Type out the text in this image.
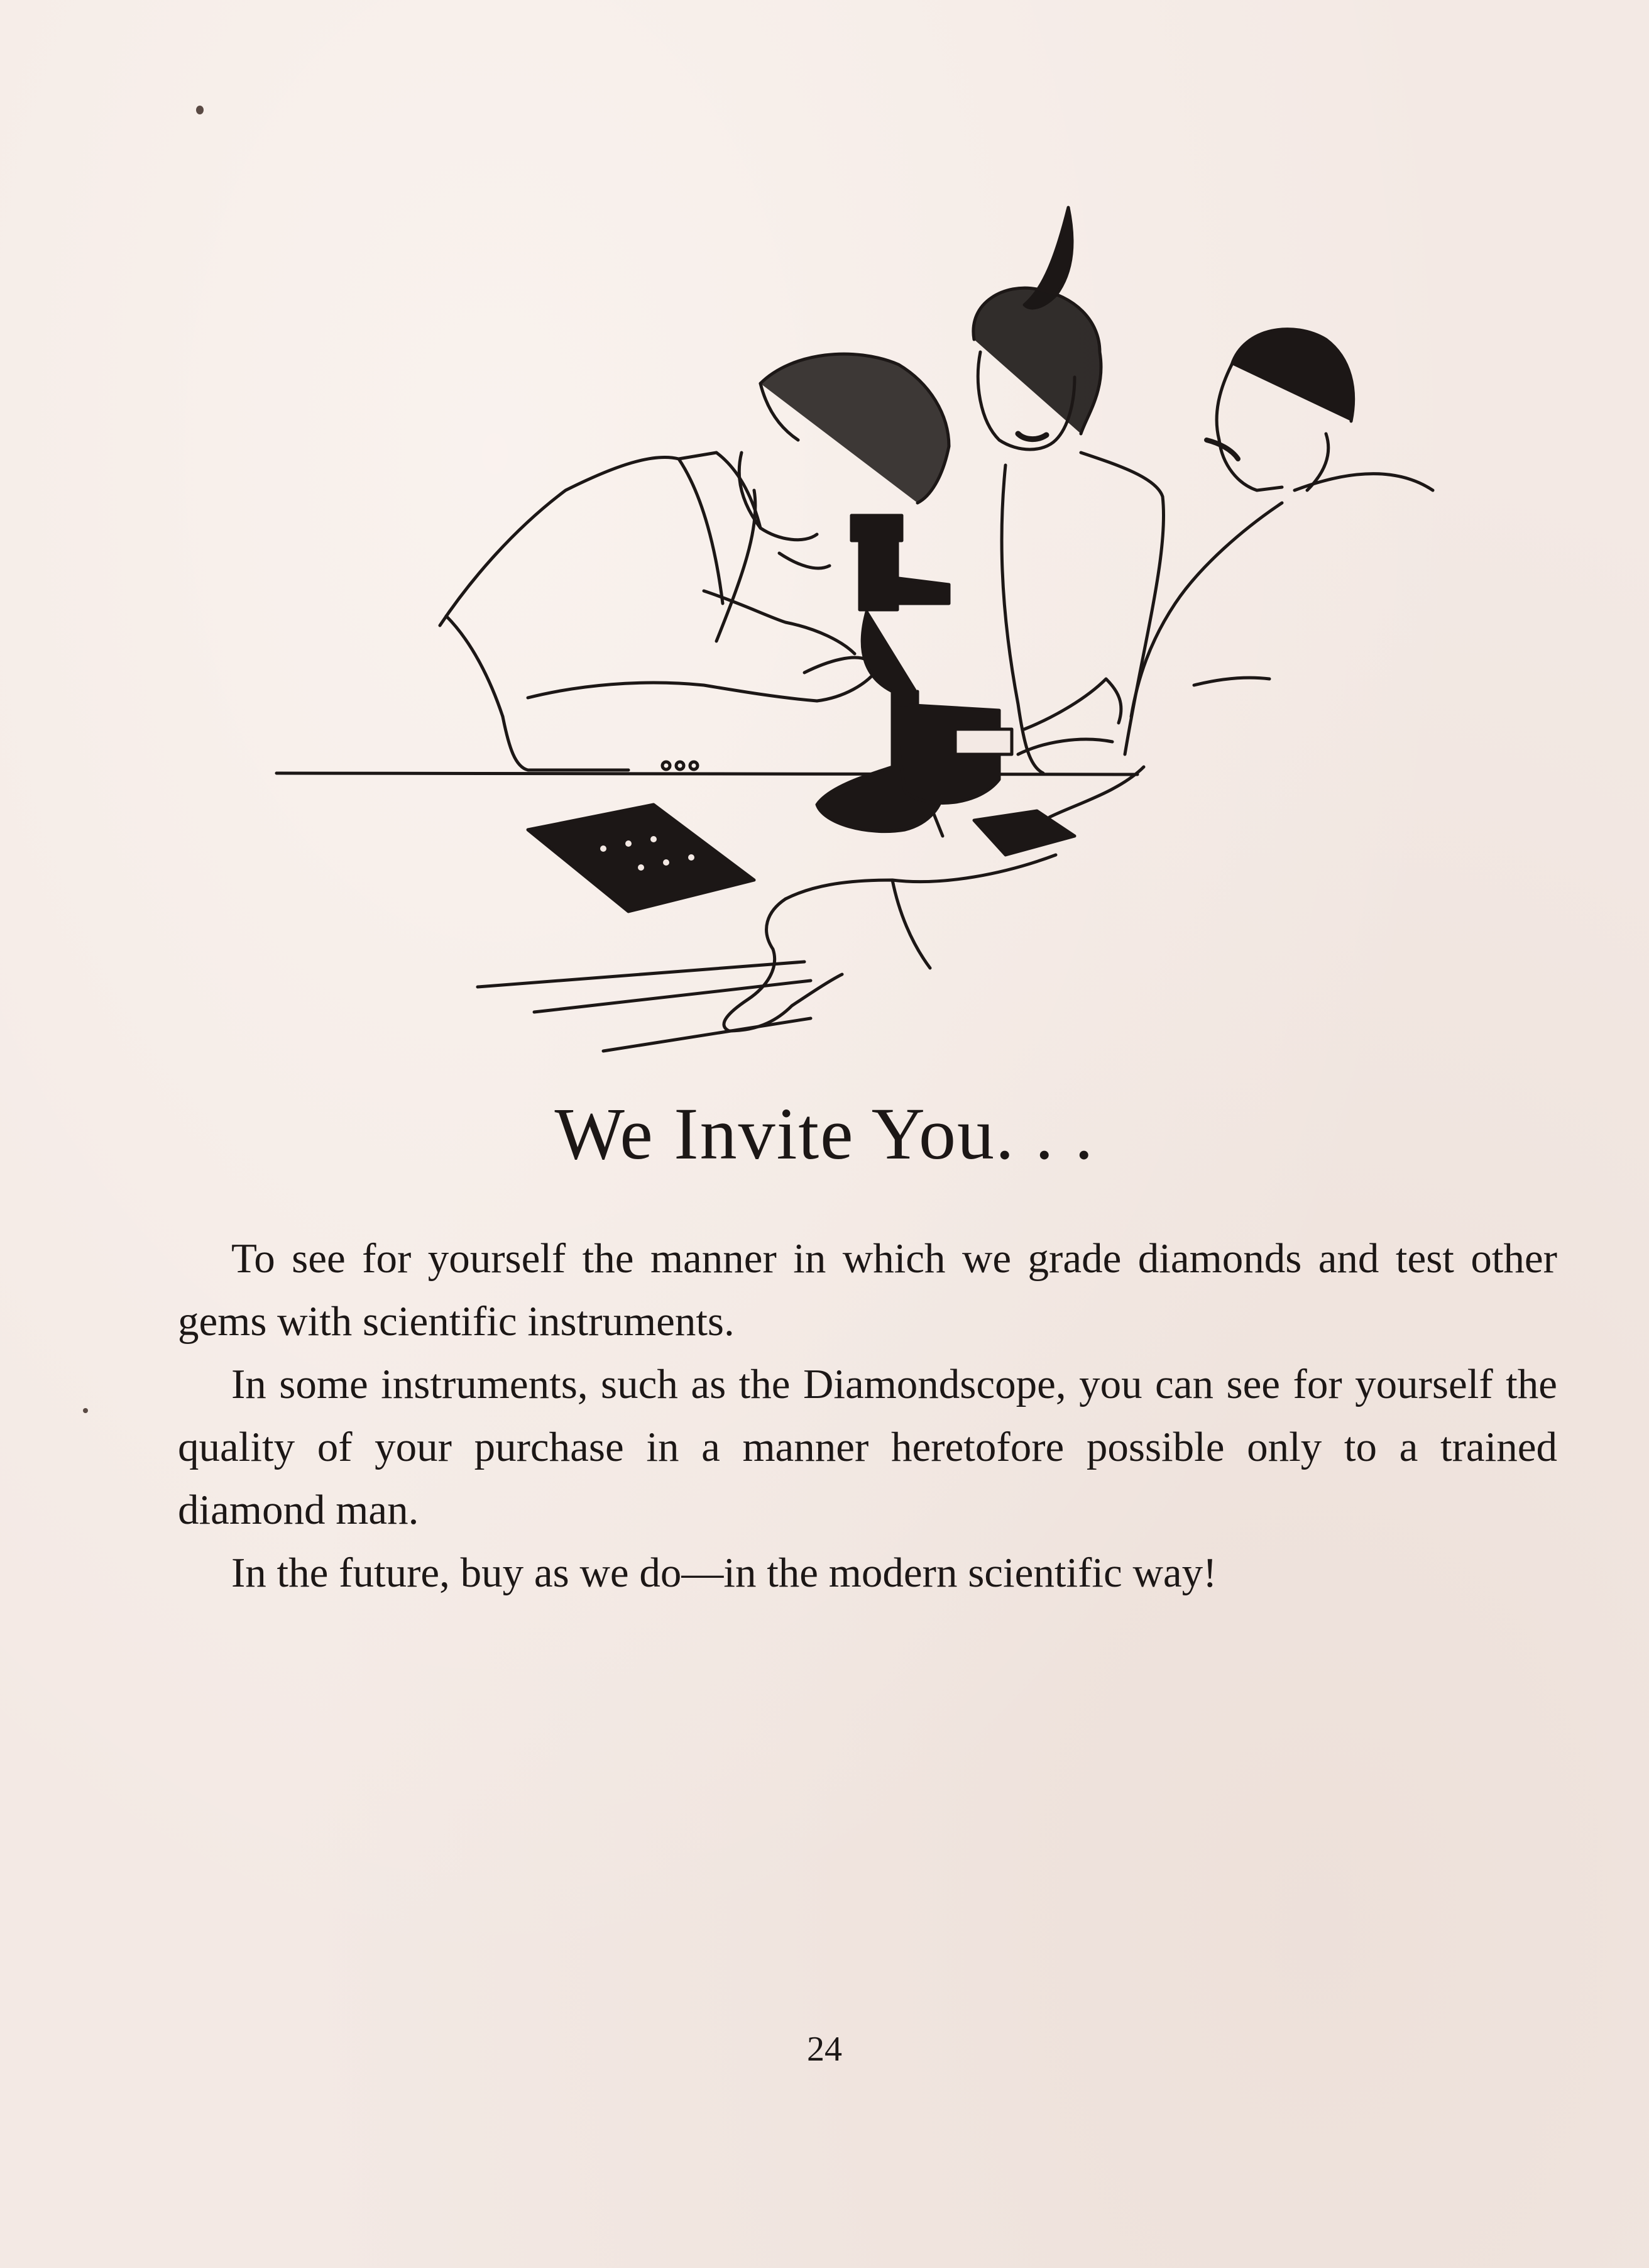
We Invite You. . .

To see for yourself the manner in which we grade diamonds and test other gems with scientific instruments.

In some instruments, such as the Diamondscope, you can see for yourself the quality of your purchase in a manner heretofore possible only to a trained diamond man.

In the future, buy as we do—in the modern scientific way!

24
